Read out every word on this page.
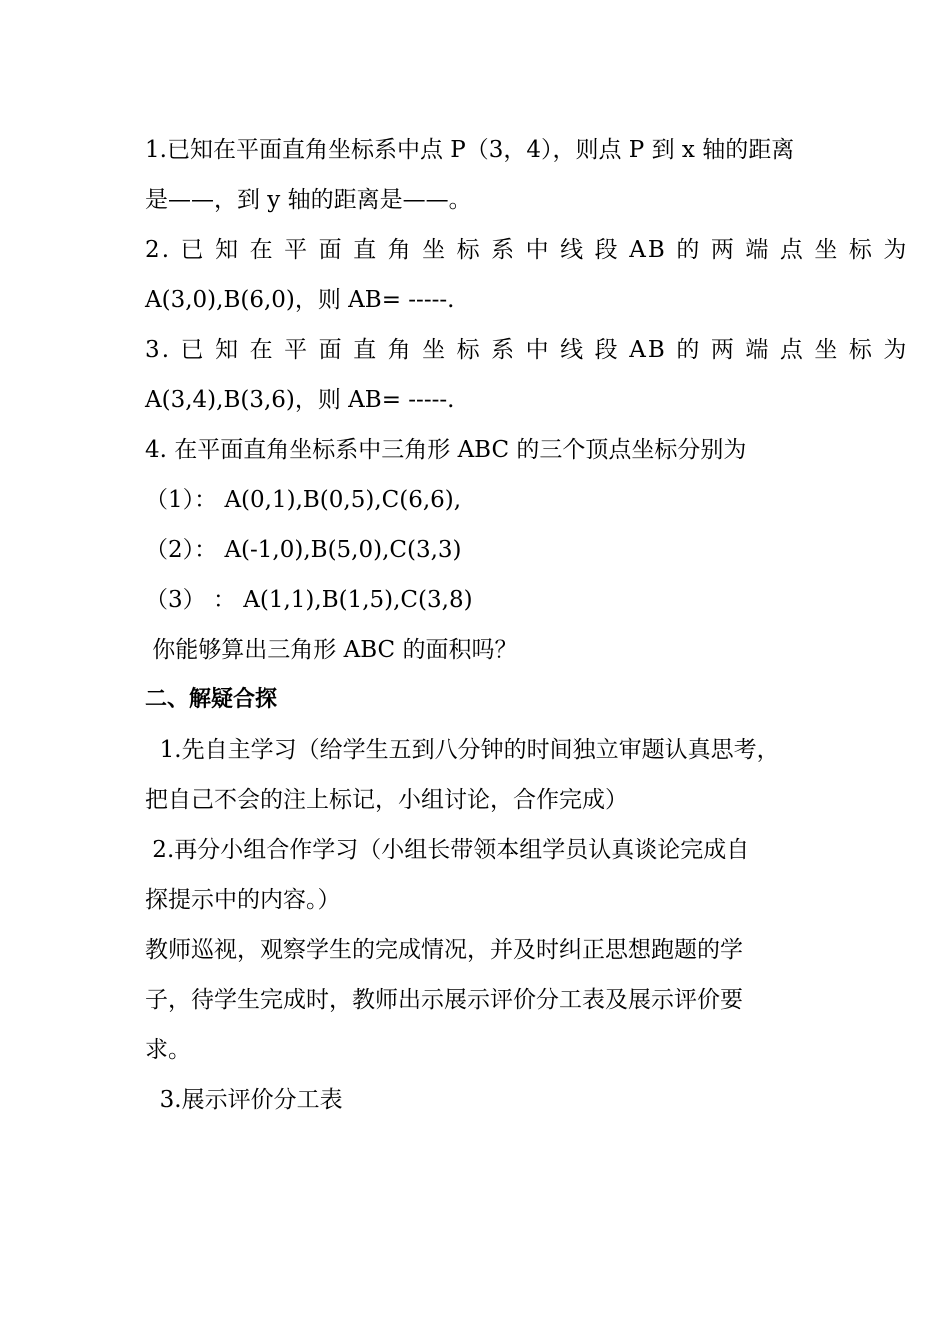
1.已知在平面直角坐标系中点 P（3，4），则点 P 到 x 轴的距离
是——，到 y 轴的距离是——。
2. 已 知 在 平 面 直 角 坐 标 系 中 线 段 AB 的 两 端 点 坐 标 为
A(3,0),B(6,0)，则 AB= -----.
3. 已 知 在 平 面 直 角 坐 标 系 中 线 段 AB 的 两 端 点 坐 标 为
A(3,4),B(3,6)，则 AB= -----.
4. 在平面直角坐标系中三角形 ABC 的三个顶点坐标分别为
（1）： A(0,1),B(0,5),C(6,6),
（2）： A(-1,0),B(5,0),C(3,3)
（3） ： A(1,1),B(1,5),C(3,8)
你能够算出三角形 ABC 的面积吗？
二、解疑合探
1.先自主学习（给学生五到八分钟的时间独立审题认真思考，
把自己不会的注上标记，小组讨论，合作完成）
2.再分小组合作学习（小组长带领本组学员认真谈论完成自
探提示中的内容。）
教师巡视，观察学生的完成情况，并及时纠正思想跑题的学
子，待学生完成时，教师出示展示评价分工表及展示评价要
求。
3.展示评价分工表
